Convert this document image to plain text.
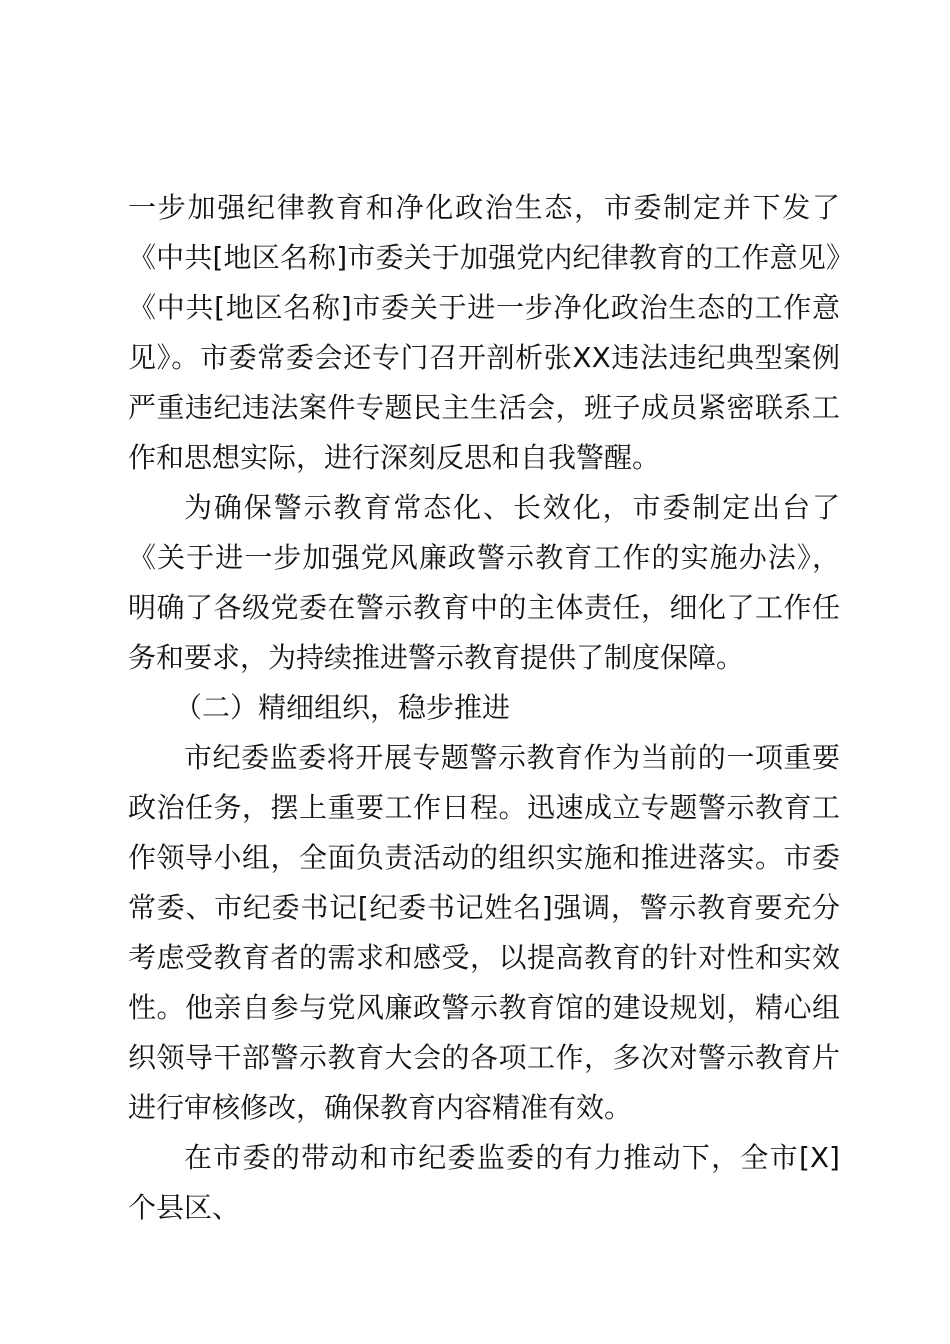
一步加强纪律教育和净化政治生态，市委制定并下发了《中共[地区名称]市委关于加强党内纪律教育的工作意见》《中共[地区名称]市委关于进一步净化政治生态的工作意见》。市委常委会还专门召开剖析张XX违法违纪典型案例严重违纪违法案件专题民主生活会，班子成员紧密联系工作和思想实际，进行深刻反思和自我警醒。

为确保警示教育常态化、长效化，市委制定出台了《关于进一步加强党风廉政警示教育工作的实施办法》，明确了各级党委在警示教育中的主体责任，细化了工作任务和要求，为持续推进警示教育提供了制度保障。

（二）精细组织，稳步推进

市纪委监委将开展专题警示教育作为当前的一项重要政治任务，摆上重要工作日程。迅速成立专题警示教育工作领导小组，全面负责活动的组织实施和推进落实。市委常委、市纪委书记[纪委书记姓名]强调，警示教育要充分考虑受教育者的需求和感受，以提高教育的针对性和实效性。他亲自参与党风廉政警示教育馆的建设规划，精心组织领导干部警示教育大会的各项工作，多次对警示教育片进行审核修改，确保教育内容精准有效。

在市委的带动和市纪委监委的有力推动下，全市[X]个县区、
